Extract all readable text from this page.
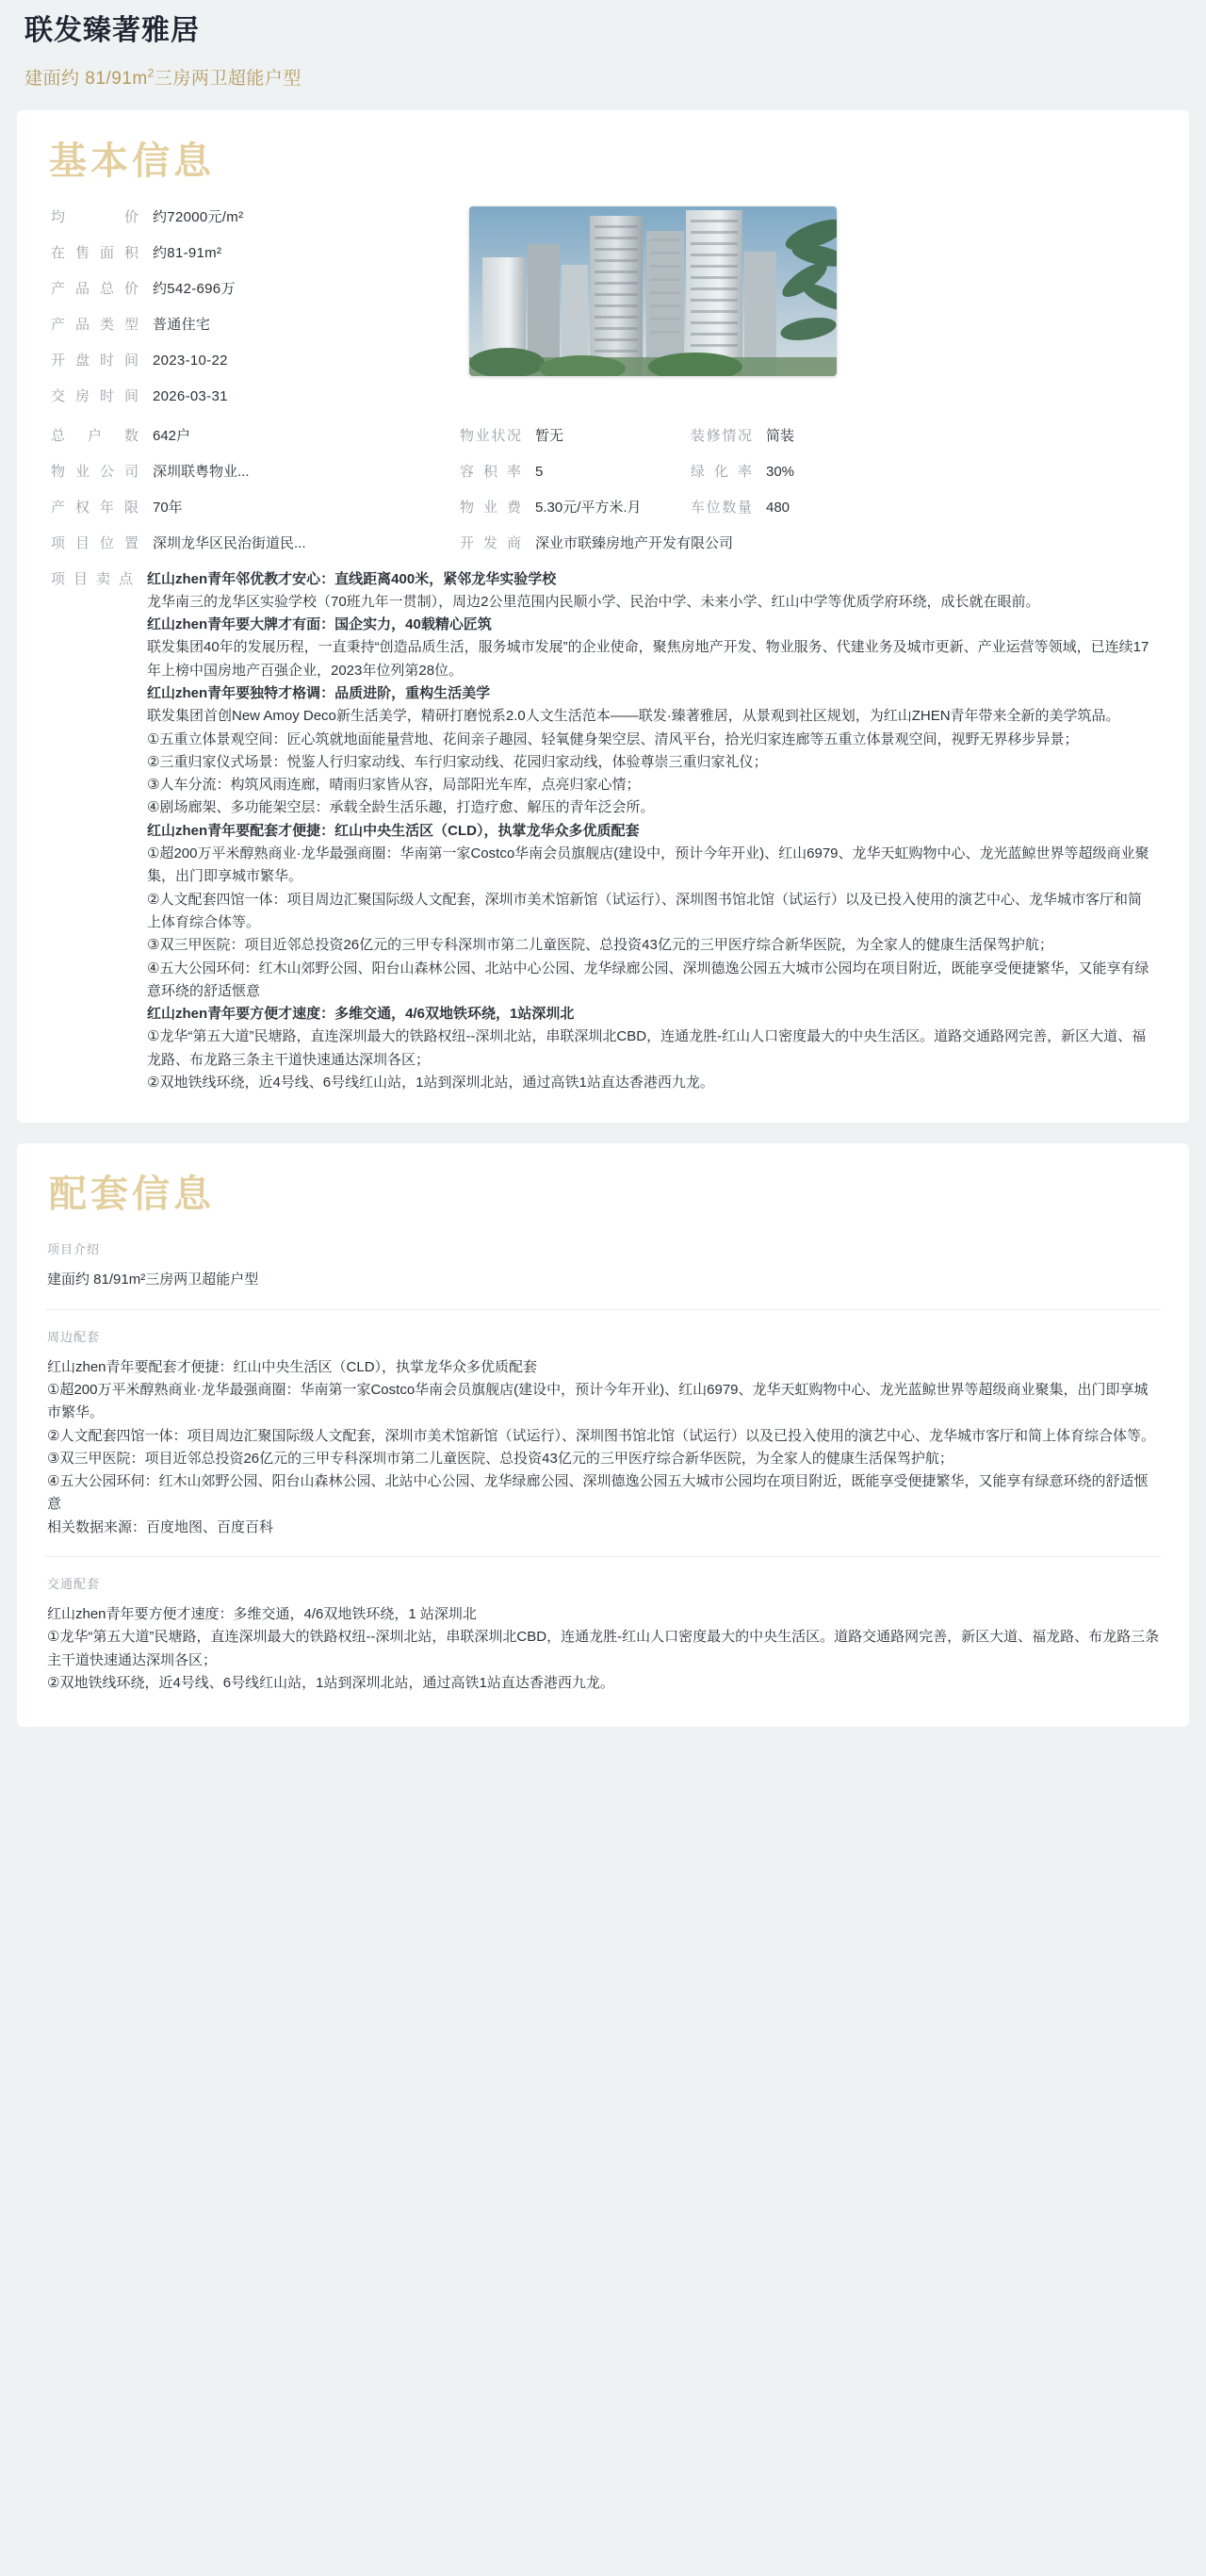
联发臻著雅居
建面约 $81/91m^2$三房两卫超能户型
基本信息
均价 约72000元/m²
在售面积 约81-91m²
产品总价 约542-696万
产品类型 普通住宅
开盘时间 2023-10-22
交房时间 2026-03-31
总户数 642户	物业状况 暂无	装修情况 简装
物业公司 深圳联粤物业...	容积率 5	绿化率 30%
产权年限 70年	物业费 5.30元/平方米.月	车位数量 480
项目位置 深圳龙华区民治街道民...	开发商 深业市联臻房地产开发有限公司
项目卖点 红山zhen青年邻优教才安心：直线距离400米，紧邻龙华实验学校

龙华南三的龙华区实验学校（70班九年一贯制），周边2公里范围内民顺小学、民治中学、未来小学、红山中学等优质学府环绕，成长就在眼前。

红山zhen青年要大牌才有面：国企实力，40载精心匠筑

联发集团40年的发展历程，一直秉持“创造品质生活，服务城市发展”的企业使命，聚焦房地产开发、物业服务、代建业务及城市更新、产业运营等领域，已连续17年上榜中国房地产百强企业，2023年位列第28位。

红山zhen青年要独特才格调：品质进阶，重构生活美学

联发集团首创New Amoy Deco新生活美学，精研打磨悦系2.0人文生活范本——联发·臻著雅居，从景观到社区规划，为红山ZHEN青年带来全新的美学筑品。

①五重立体景观空间：匠心筑就地面能量营地、花间亲子趣园、轻氧健身架空层、清风平台，拾光归家连廊等五重立体景观空间，视野无界移步异景；

②三重归家仪式场景：悦鉴人行归家动线、车行归家动线、花园归家动线，体验尊崇三重归家礼仪；

③人车分流：构筑风雨连廊，晴雨归家皆从容，局部阳光车库，点亮归家心情；

④剧场廊架、多功能架空层：承载全龄生活乐趣，打造疗愈、解压的青年泛会所。

红山zhen青年要配套才便捷：红山中央生活区（CLD），执掌龙华众多优质配套

①超200万平米醇熟商业·龙华最强商圈：华南第一家Costco华南会员旗舰店(建设中，预计今年开业)、红山6979、龙华天虹购物中心、龙光蓝鲸世界等超级商业聚集，出门即享城市繁华。

②人文配套四馆一体：项目周边汇聚国际级人文配套，深圳市美术馆新馆（试运行）、深圳图书馆北馆（试运行）以及已投入使用的演艺中心、龙华城市客厅和简上体育综合体等。

③双三甲医院：项目近邻总投资26亿元的三甲专科深圳市第二儿童医院、总投资43亿元的三甲医疗综合新华医院，为全家人的健康生活保驾护航；

④五大公园环伺：红木山郊野公园、阳台山森林公园、北站中心公园、龙华绿廊公园、深圳德逸公园五大城市公园均在项目附近，既能享受便捷繁华，又能享有绿意环绕的舒适惬意

红山zhen青年要方便才速度：多维交通，4/6双地铁环绕，1站深圳北

①龙华“第五大道”民塘路，直连深圳最大的铁路权纽--深圳北站，串联深圳北CBD，连通龙胜-红山人口密度最大的中央生活区。道路交通路网完善，新区大道、福龙路、布龙路三条主干道快速通达深圳各区；

②双地铁线环绕，近4号线、6号线红山站，1站到深圳北站，通过高铁1站直达香港西九龙。

配套信息
项目介绍

建面约 81/91m²三房两卫超能户型

周边配套

红山zhen青年要配套才便捷：红山中央生活区（CLD），执掌龙华众多优质配套

①超200万平米醇熟商业·龙华最强商圈：华南第一家Costco华南会员旗舰店(建设中，预计今年开业)、红山6979、龙华天虹购物中心、龙光蓝鲸世界等超级商业聚集，出门即享城市繁华。

②人文配套四馆一体：项目周边汇聚国际级人文配套，深圳市美术馆新馆（试运行）、深圳图书馆北馆（试运行）以及已投入使用的演艺中心、龙华城市客厅和简上体育综合体等。

③双三甲医院：项目近邻总投资26亿元的三甲专科深圳市第二儿童医院、总投资43亿元的三甲医疗综合新华医院，为全家人的健康生活保驾护航；

④五大公园环伺：红木山郊野公园、阳台山森林公园、北站中心公园、龙华绿廊公园、深圳德逸公园五大城市公园均在项目附近，既能享受便捷繁华，又能享有绿意环绕的舒适惬意

相关数据来源：百度地图、百度百科

交通配套

红山zhen青年要方便才速度：多维交通，4/6双地铁环绕，1 站深圳北

①龙华“第五大道”民塘路，直连深圳最大的铁路权纽--深圳北站，串联深圳北CBD，连通龙胜-红山人口密度最大的中央生活区。道路交通路网完善，新区大道、福龙路、布龙路三条主干道快速通达深圳各区；

②双地铁线环绕，近4号线、6号线红山站，1站到深圳北站，通过高铁1站直达香港西九龙。
